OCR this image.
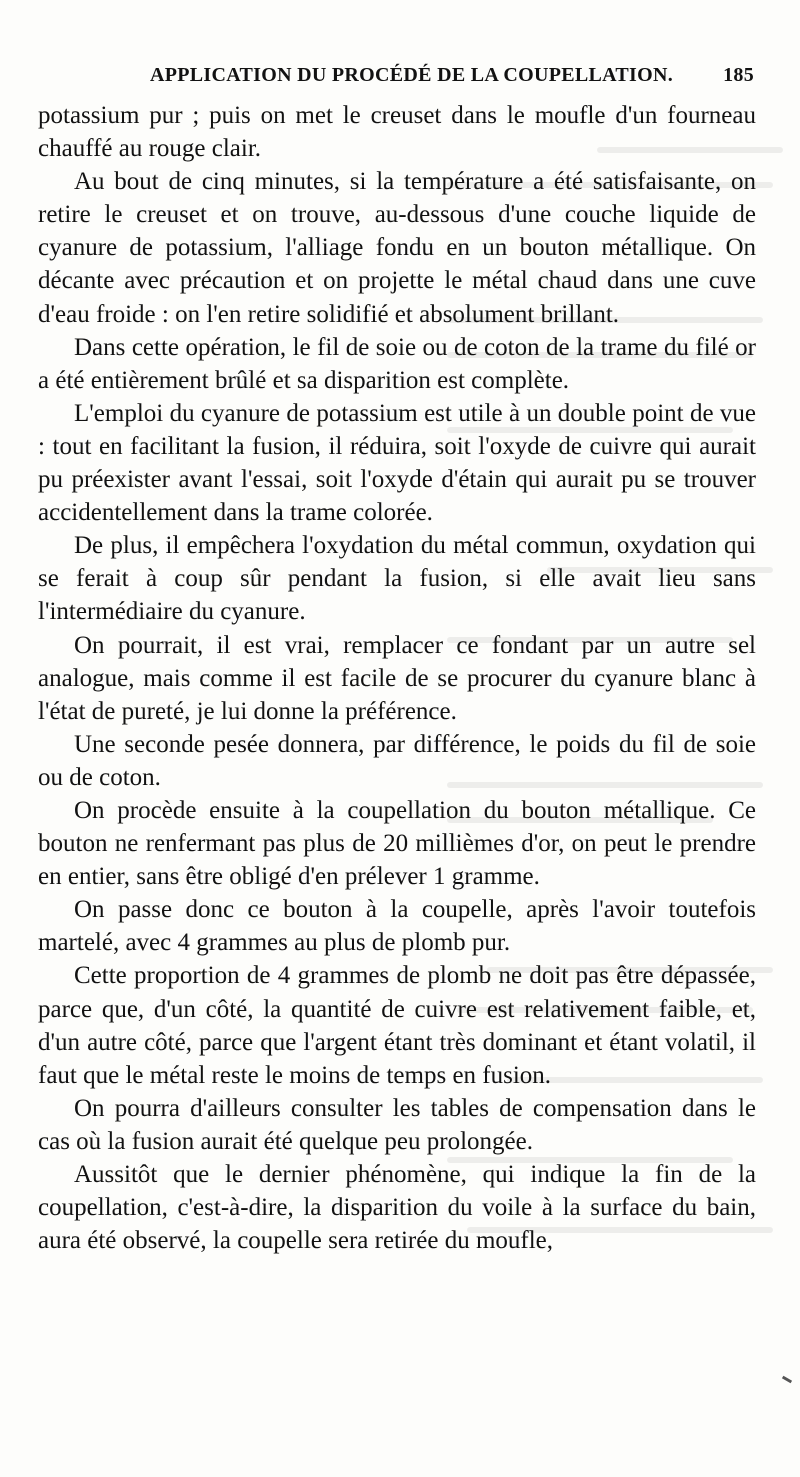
APPLICATION DU PROCÉDÉ DE LA COUPELLATION.	185

potassium pur ; puis on met le creuset dans le moufle d'un fourneau chauffé au rouge clair.

Au bout de cinq minutes, si la température a été satisfaisante, on retire le creuset et on trouve, au-dessous d'une couche liquide de cyanure de potassium, l'alliage fondu en un bouton métallique. On décante avec précaution et on projette le métal chaud dans une cuve d'eau froide : on l'en retire solidifié et absolument brillant.

Dans cette opération, le fil de soie ou de coton de la trame du filé or a été entièrement brûlé et sa disparition est complète.

L'emploi du cyanure de potassium est utile à un double point de vue : tout en facilitant la fusion, il réduira, soit l'oxyde de cuivre qui aurait pu préexister avant l'essai, soit l'oxyde d'étain qui aurait pu se trouver accidentellement dans la trame colorée.

De plus, il empêchera l'oxydation du métal commun, oxydation qui se ferait à coup sûr pendant la fusion, si elle avait lieu sans l'intermédiaire du cyanure.

On pourrait, il est vrai, remplacer ce fondant par un autre sel analogue, mais comme il est facile de se procurer du cyanure blanc à l'état de pureté, je lui donne la préférence.

Une seconde pesée donnera, par différence, le poids du fil de soie ou de coton.

On procède ensuite à la coupellation du bouton métallique. Ce bouton ne renfermant pas plus de 20 millièmes d'or, on peut le prendre en entier, sans être obligé d'en prélever 1 gramme.

On passe donc ce bouton à la coupelle, après l'avoir toutefois martelé, avec 4 grammes au plus de plomb pur.

Cette proportion de 4 grammes de plomb ne doit pas être dépassée, parce que, d'un côté, la quantité de cuivre est relativement faible, et, d'un autre côté, parce que l'argent étant très dominant et étant volatil, il faut que le métal reste le moins de temps en fusion.

On pourra d'ailleurs consulter les tables de compensation dans le cas où la fusion aurait été quelque peu prolongée.

Aussitôt que le dernier phénomène, qui indique la fin de la coupellation, c'est-à-dire, la disparition du voile à la surface du bain, aura été observé, la coupelle sera retirée du moufle,
